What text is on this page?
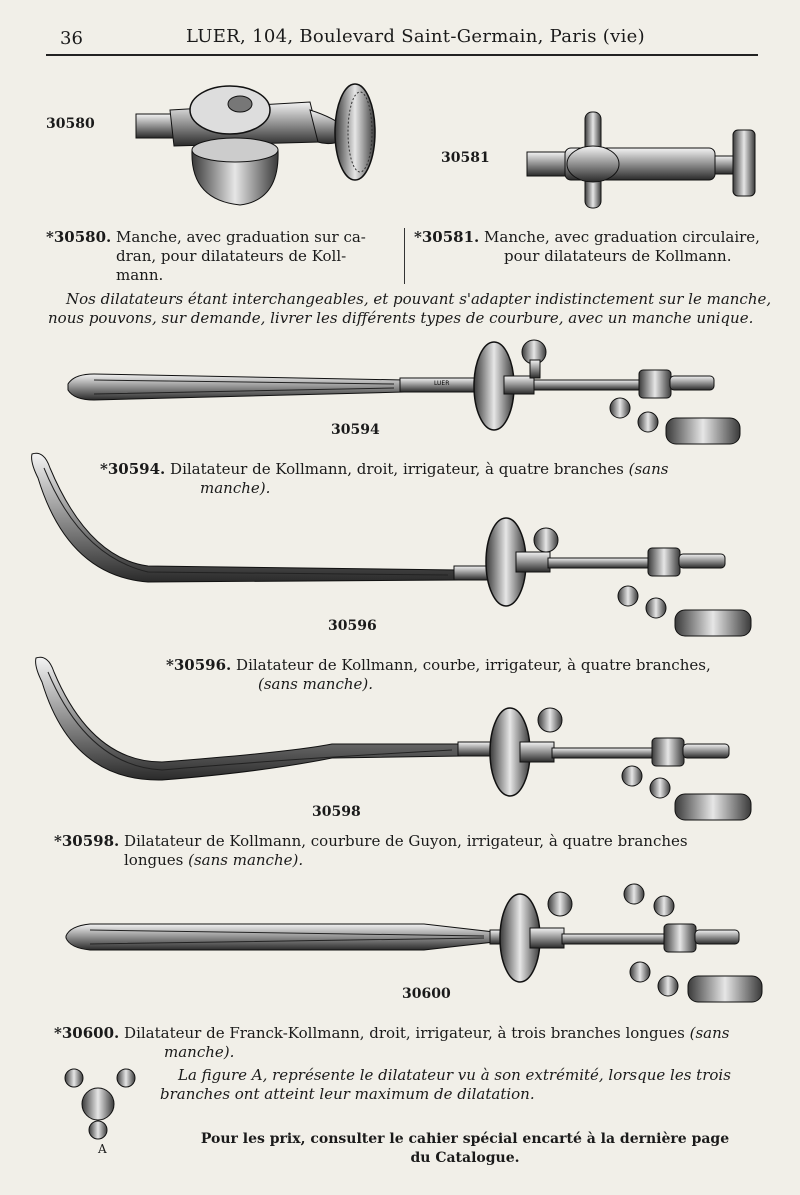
36	LUER, 104, Boulevard Saint-Germain, Paris (vie)
30580
30581
*30580. Manche, avec graduation sur ca-
dran, pour dilatateurs de Koll-
mann.
*30581. Manche, avec graduation circulaire,
pour dilatateurs de Kollmann.
Nos dilatateurs étant interchangeables, et pouvant s'adapter indistinctement sur le manche,
nous pouvons, sur demande, livrer les différents types de courbure, avec un manche unique.
LUER
30594
*30594. Dilatateur de Kollmann, droit, irrigateur, à quatre branches (sans
manche).
30596
*30596. Dilatateur de Kollmann, courbe, irrigateur, à quatre branches,
(sans manche).
30598
*30598. Dilatateur de Kollmann, courbure de Guyon, irrigateur, à quatre branches
longues (sans manche).
30600
*30600. Dilatateur de Franck-Kollmann, droit, irrigateur, à trois branches longues (sans
manche).
A
La figure A, représente le dilatateur vu à son extrémité, lorsque les trois
branches ont atteint leur maximum de dilatation.
Pour les prix, consulter le cahier spécial encarté à la dernière page
du Catalogue.
